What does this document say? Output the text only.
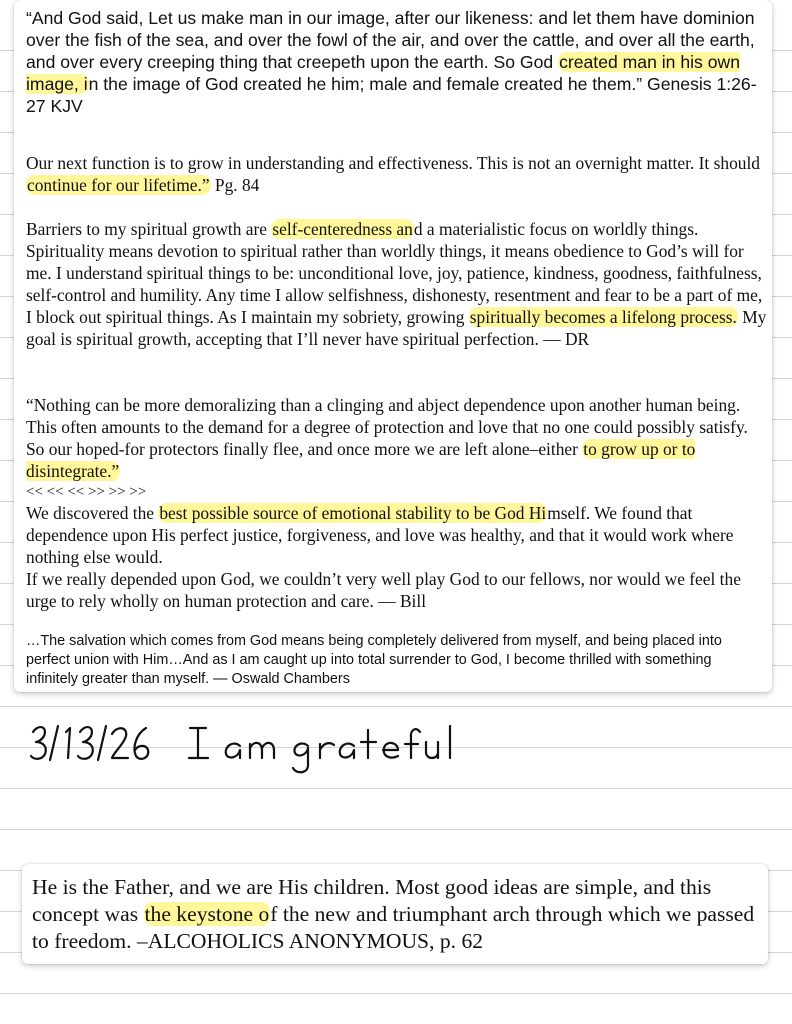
“And God said, Let us make man in our image, after our likeness: and let them have dominion over the fish of the sea, and over the fowl of the air, and over the cattle, and over all the earth, and over every creeping thing that creepeth upon the earth. So God created man in his own image, in the image of God created he him; male and female created he them.” Genesis 1:26-27 KJV

Our next function is to grow in understanding and effectiveness. This is not an overnight matter. It should continue for our lifetime.” Pg. 84

Barriers to my spiritual growth are self-centeredness and a materialistic focus on worldly things. Spirituality means devotion to spiritual rather than worldly things, it means obedience to God’s will for me. I understand spiritual things to be: unconditional love, joy, patience, kindness, goodness, faithfulness, self-control and humility. Any time I allow selfishness, dishonesty, resentment and fear to be a part of me, I block out spiritual things. As I maintain my sobriety, growing spiritually becomes a lifelong process. My goal is spiritual growth, accepting that I’ll never have spiritual perfection. — DR

“Nothing can be more demoralizing than a clinging and abject dependence upon another human being. This often amounts to the demand for a degree of protection and love that no one could possibly satisfy. So our hoped-for protectors finally flee, and once more we are left alone–either to grow up or to disintegrate.”

<< << << >> >> >>

We discovered the best possible source of emotional stability to be God Himself. We found that dependence upon His perfect justice, forgiveness, and love was healthy, and that it would work where nothing else would.

If we really depended upon God, we couldn’t very well play God to our fellows, nor would we feel the urge to rely wholly on human protection and care. — Bill

…The salvation which comes from God means being completely delivered from myself, and being placed into perfect union with Him…And as I am caught up into total surrender to God, I become thrilled with something infinitely greater than myself. — Oswald Chambers

He is the Father, and we are His children. Most good ideas are simple, and this concept was the keystone of the new and triumphant arch through which we passed to freedom. –ALCOHOLICS ANONYMOUS, p. 62
